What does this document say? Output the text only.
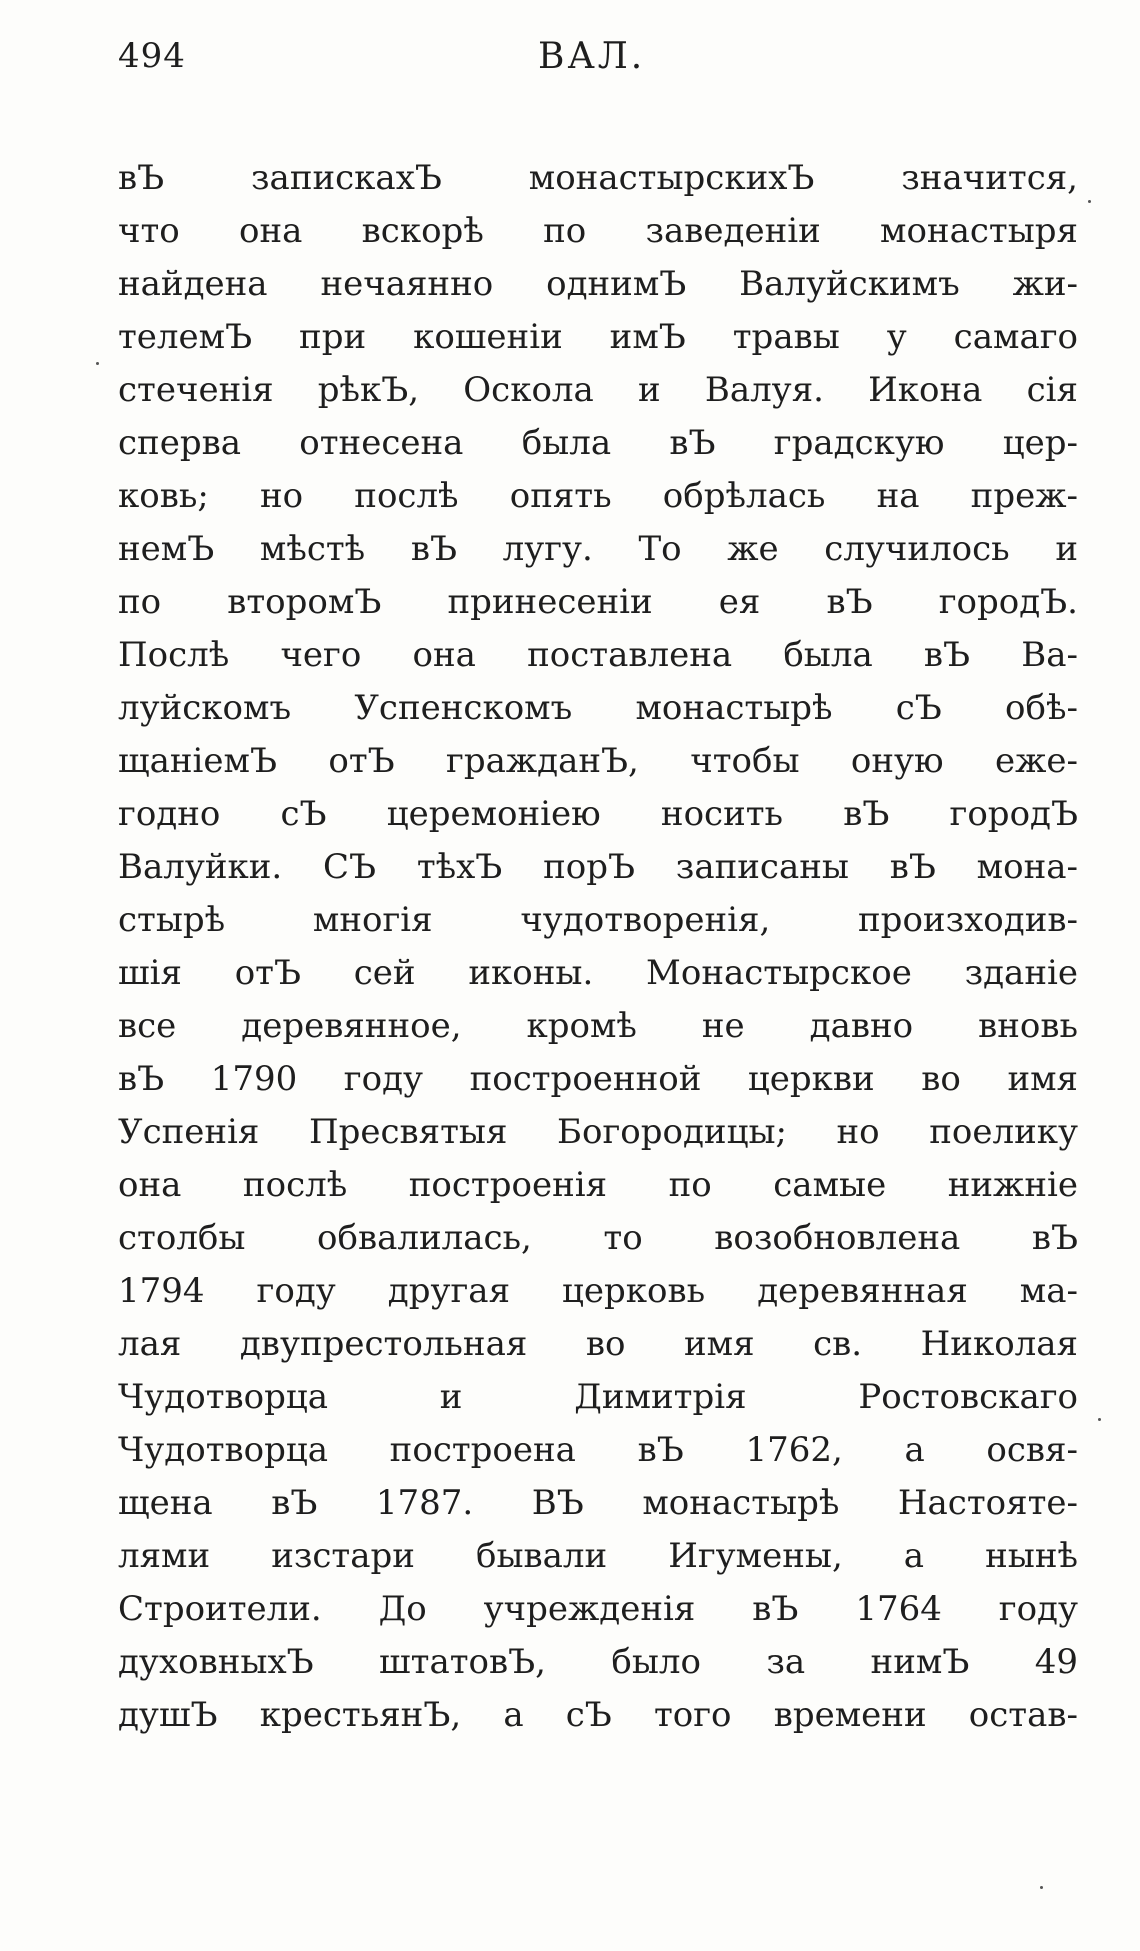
494	ВАЛ.
вЪ запискахЪ монастырскихЪ значится,
что она вскорѣ по заведенiи монастыря
найдена нечаянно однимЪ Валуйскимъ жи-
телемЪ при кошенiи имЪ травы у самаго
стеченiя рѣкЪ, Оскола и Валуя. Икона сiя
сперва отнесена была вЪ градскую цер-
ковь; но послѣ опять обрѣлась на преж-
немЪ мѣстѣ вЪ лугу. То же случилось и
по второмЪ принесенiи ея вЪ городЪ.
Послѣ чего она поставлена была вЪ Ва-
луйскомъ Успенскомъ монастырѣ сЪ обѣ-
щанiемЪ отЪ гражданЪ, чтобы оную еже-
годно сЪ церемонiею носить вЪ городЪ
Валуйки. СЪ тѣхЪ порЪ записаны вЪ мона-
стырѣ многiя чудотворенiя, произходив-
шiя отЪ сей иконы. Монастырское зданiе
все деревянное, кромѣ не давно вновь
вЪ 1790 году построенной церкви во имя
Успенiя Пресвятыя Богородицы; но поелику
она послѣ построенiя по самые нижнiе
столбы обвалилась, то возобновлена вЪ
1794 году другая церковь деревянная ма-
лая двупрестольная во имя св. Николая
Чудотворца и Димитрiя Ростовскаго
Чудотворца построена вЪ 1762, а освя-
щена вЪ 1787. ВЪ монастырѣ Настояте-
лями изстари бывали Игумены, а нынѣ
Строители. До учрежденiя вЪ 1764 году
духовныхЪ штатовЪ, было за нимЪ 49
душЪ крестьянЪ, а сЪ того времени остав-
